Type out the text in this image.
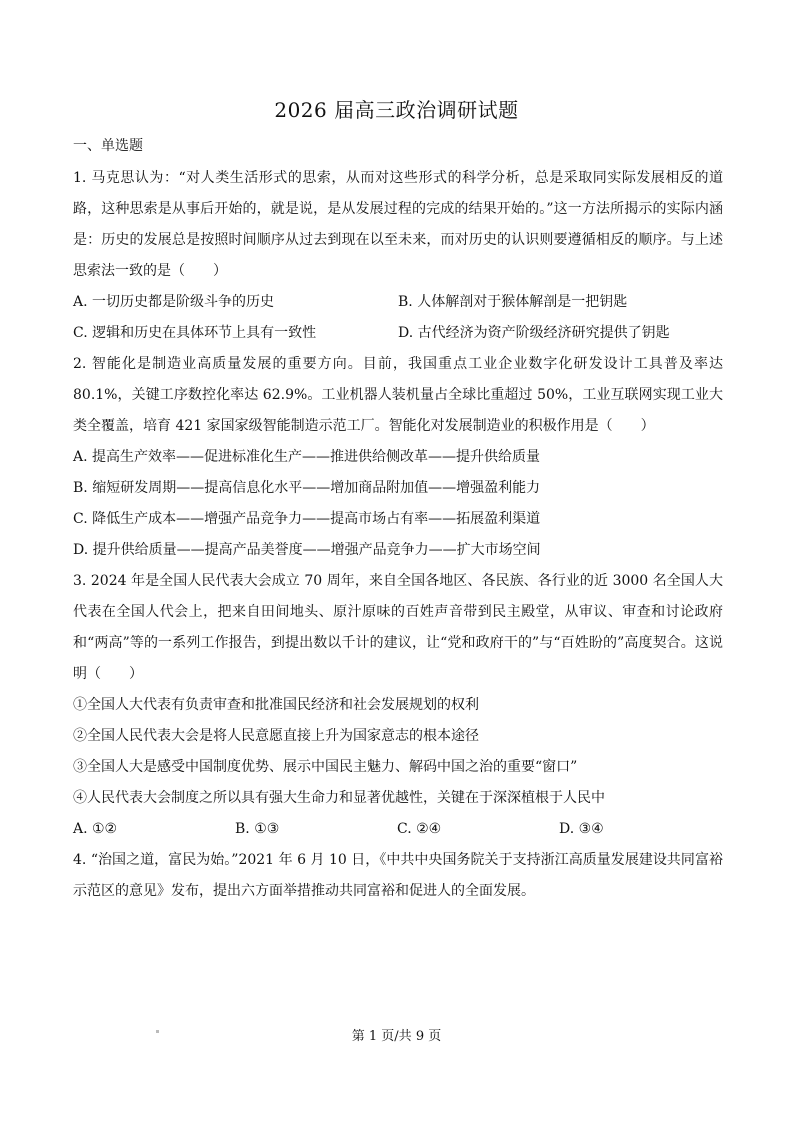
2026 届高三政治调研试题
一、单选题

1. 马克思认为：“对人类生活形式的思索，从而对这些形式的科学分析，总是采取同实际发展相反的道路，这种思索是从事后开始的，就是说，是从发展过程的完成的结果开始的。”这一方法所揭示的实际内涵是：历史的发展总是按照时间顺序从过去到现在以至未来，而对历史的认识则要遵循相反的顺序。与上述思索法一致的是（　　）

A. 一切历史都是阶级斗争的历史	B. 人体解剖对于猴体解剖是一把钥匙
C. 逻辑和历史在具体环节上具有一致性	D. 古代经济为资产阶级经济研究提供了钥匙

2. 智能化是制造业高质量发展的重要方向。目前，我国重点工业企业数字化研发设计工具普及率达 80.1%，关键工序数控化率达 62.9%。工业机器人装机量占全球比重超过 50%，工业互联网实现工业大类全覆盖，培育 421 家国家级智能制造示范工厂。智能化对发展制造业的积极作用是（　　）

A. 提高生产效率——促进标准化生产——推进供给侧改革——提升供给质量
B. 缩短研发周期——提高信息化水平——增加商品附加值——增强盈利能力
C. 降低生产成本——增强产品竞争力——提高市场占有率——拓展盈利渠道
D. 提升供给质量——提高产品美誉度——增强产品竞争力——扩大市场空间

3. 2024 年是全国人民代表大会成立 70 周年，来自全国各地区、各民族、各行业的近 3000 名全国人大代表在全国人代会上，把来自田间地头、原汁原味的百姓声音带到民主殿堂，从审议、审查和讨论政府和“两高”等的一系列工作报告，到提出数以千计的建议，让“党和政府干的”与“百姓盼的”高度契合。这说明（　　）

①全国人大代表有负责审查和批准国民经济和社会发展规划的权利
②全国人民代表大会是将人民意愿直接上升为国家意志的根本途径
③全国人大是感受中国制度优势、展示中国民主魅力、解码中国之治的重要“窗口”
④人民代表大会制度之所以具有强大生命力和显著优越性，关键在于深深植根于人民中
A. ①②	B. ①③	C. ②④	D. ③④

4. “治国之道，富民为始。”2021 年 6 月 10 日，《中共中央国务院关于支持浙江高质量发展建设共同富裕示范区的意见》发布，提出六方面举措推动共同富裕和促进人的全面发展。

第 1 页/共 9 页
